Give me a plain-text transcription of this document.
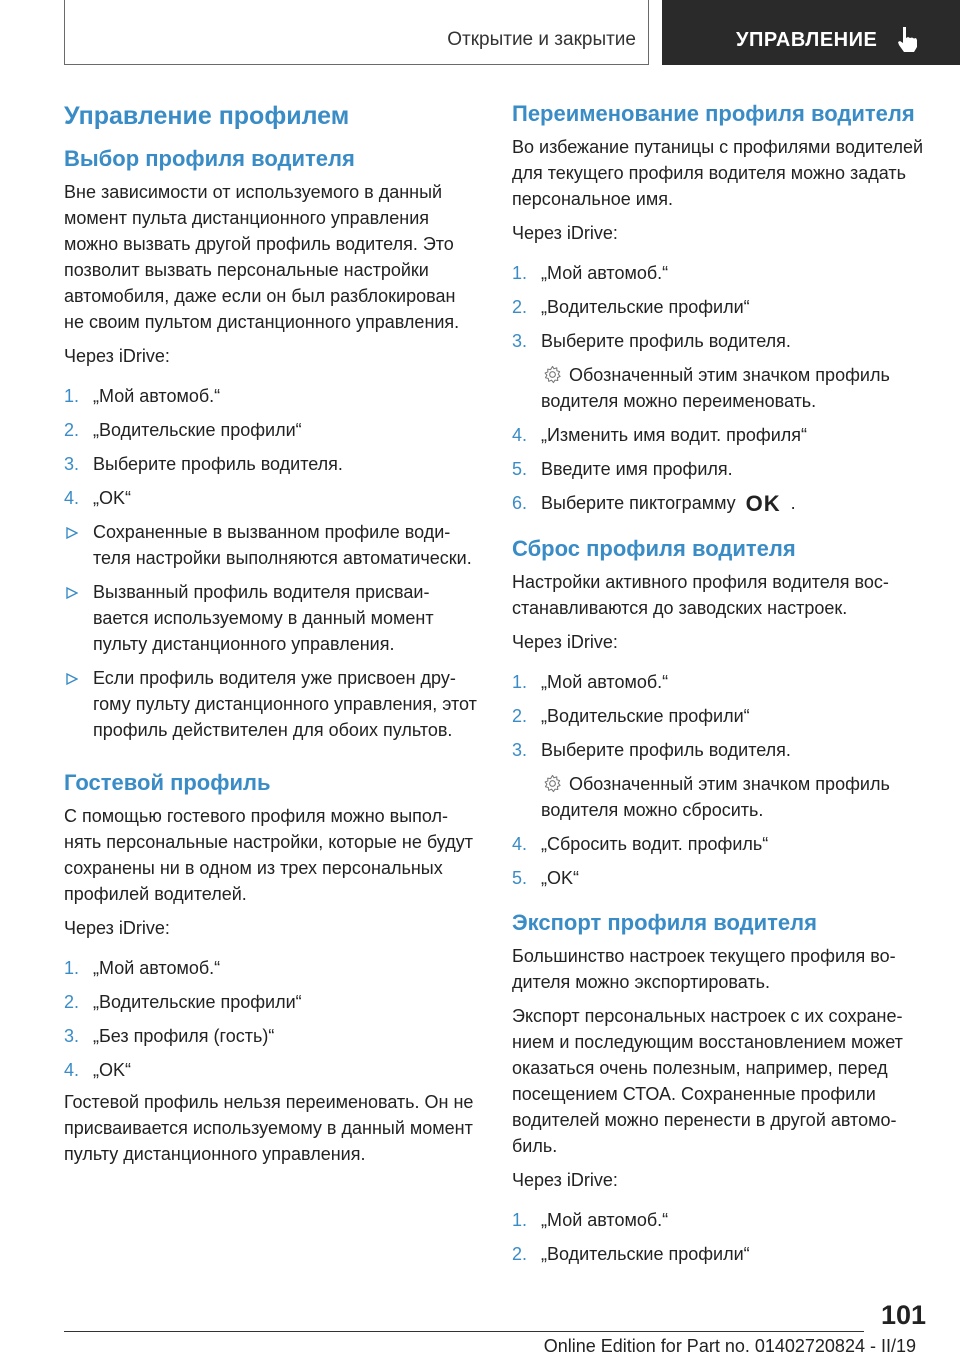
Открытие и закрытие	УПРАВЛЕНИЕ
Управление профилем
Выбор профиля водителя

Вне зависимости от используемого в данный момент пульта дистанционного управления можно вызвать другой профиль водителя. Это позволит вызвать персональные настройки автомобиля, даже если он был разблокирован не своим пультом дистанционного управления.

Через iDrive:

1. „Мой автомоб.“
2. „Водительские профили“
3. Выберите профиль водителя.
4. „OK“
Сохраненные в вызванном профиле водителя настройки выполняются автоматически.
Вызванный профиль водителя присваивается используемому в данный момент пульту дистанционного управления.
Если профиль водителя уже присвоен другому пульту дистанционного управления, этот профиль действителен для обоих пультов.
Гостевой профиль

С помощью гостевого профиля можно выполнять персональные настройки, которые не будут сохранены ни в одном из трех персональных профилей водителей.

Через iDrive:

1. „Мой автомоб.“
2. „Водительские профили“
3. „Без профиля (гость)“
4. „OK“

Гостевой профиль нельзя переименовать. Он не присваивается используемому в данный момент пульту дистанционного управления.

Переименование профиля водителя

Во избежание путаницы с профилями водителей для текущего профиля водителя можно задать персональное имя.

Через iDrive:

1. „Мой автомоб.“
2. „Водительские профили“
3. Выберите профиль водителя.
Обозначенный этим значком профиль водителя можно переименовать.
4. „Изменить имя водит. профиля“
5. Введите имя профиля.
6. Выберите пиктограмму OK .
Сброс профиля водителя

Настройки активного профиля водителя восстанавливаются до заводских настроек.

Через iDrive:

1. „Мой автомоб.“
2. „Водительские профили“
3. Выберите профиль водителя.
Обозначенный этим значком профиль водителя можно сбросить.
4. „Сбросить водит. профиль“
5. „OK“
Экспорт профиля водителя

Большинство настроек текущего профиля водителя можно экспортировать.

Экспорт персональных настроек с их сохранением и последующим восстановлением может оказаться очень полезным, например, перед посещением СТОА. Сохраненные профили водителей можно перенести в другой автомобиль.

Через iDrive:

1. „Мой автомоб.“
2. „Водительские профили“
101
Online Edition for Part no. 01402720824 - II/19
